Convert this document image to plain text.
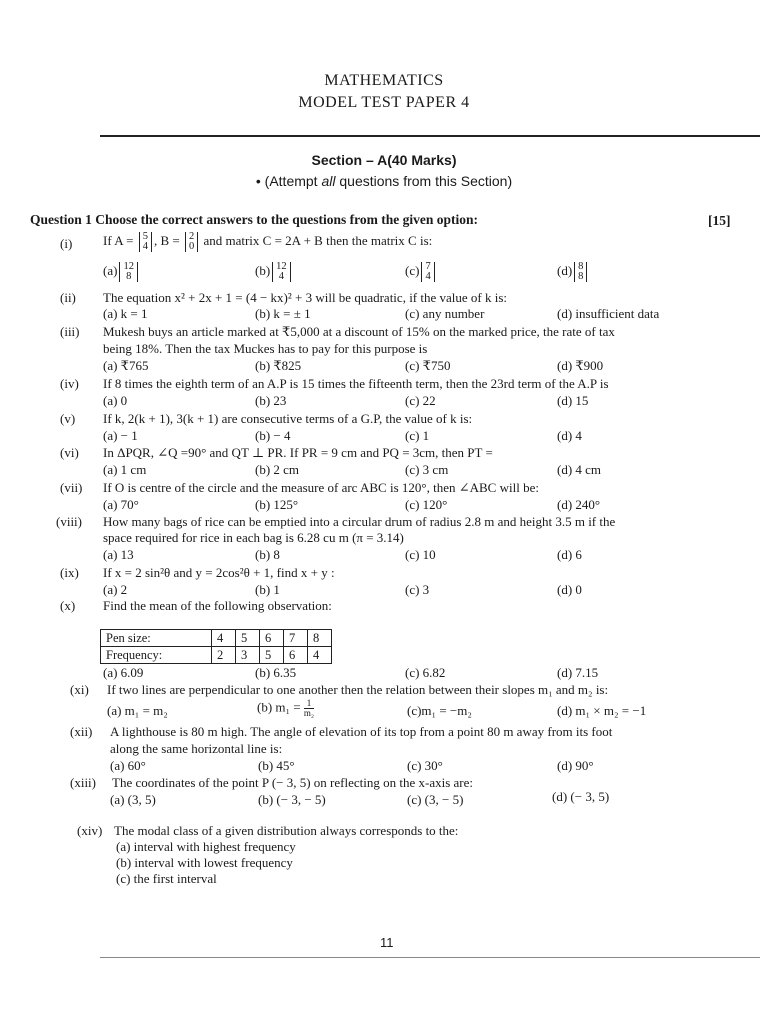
MATHEMATICS
MODEL TEST PAPER 4
Section – A(40 Marks)
• (Attempt all questions from this Section)
Question 1 Choose the correct answers to the questions from the given option:	[15]
(i)	If A = 5
4 , B = 2
0 and matrix C = 2A + B then the matrix C is:
(a) 12
8	(b) 12
4	(c) 7
4	(d) 8
8
(ii)	The equation x² + 2x + 1 = (4 − kx)² + 3 will be quadratic, if the value of k is:
(a) k = 1	(b) k = ± 1	(c) any number	(d) insufficient data
(iii)	Mukesh buys an article marked at ₹5,000 at a discount of 15% on the marked price, the rate of tax
being 18%. Then the tax Muckes has to pay for this purpose is
(a) ₹765	(b) ₹825	(c) ₹750	(d) ₹900
(iv)	If 8 times the eighth term of an A.P is 15 times the fifteenth term, then the 23rd term of the A.P is
(a) 0	(b) 23	(c) 22	(d) 15
(v)	If k, 2(k + 1), 3(k + 1) are consecutive terms of a G.P, the value of k is:
(a) − 1	(b) − 4	(c) 1	(d) 4
(vi)	In ΔPQR, ∠Q =90° and QT ⊥ PR. If PR = 9 cm and PQ = 3cm, then PT =
(a) 1 cm	(b) 2 cm	(c) 3 cm	(d) 4 cm
(vii)	If O is centre of the circle and the measure of arc ABC is 120°, then ∠ABC will be:
(a) 70°	(b) 125°	(c) 120°	(d) 240°
(viii)	How many bags of rice can be emptied into a circular drum of radius 2.8 m and height 3.5 m if the
space required for rice in each bag is 6.28 cu m (π = 3.14)
(a) 13	(b) 8	(c) 10	(d) 6
(ix)	If x = 2 sin²θ and y = 2cos²θ + 1, find x + y :
(a) 2	(b) 1	(c) 3	(d) 0
(x)	Find the mean of the following observation:
Pen size:	4	5	6	7	8
Frequency:	2	3	5	6	4
(a) 6.09	(b) 6.35	(c) 6.82	(d) 7.15
(xi)	If two lines are perpendicular to one another then the relation between their slopes m₁ and m₂ is:
(a) m₁ = m₂	(b) $m_1 = \frac{1}{\text{m₂}}$	(c)m₁ = −m₂	(d) m₁ × m₂ = −1
(xii)	A lighthouse is 80 m high. The angle of elevation of its top from a point 80 m away from its foot
along the same horizontal line is:
(a) 60°	(b) 45°	(c) 30°	(d) 90°
(xiii)	The coordinates of the point P (− 3, 5) on reflecting on the x-axis are:
(a) (3, 5)	(b) (− 3, − 5)	(c) (3, − 5)	(d) (− 3, 5)
(xiv) The modal class of a given distribution always corresponds to the:
(a) interval with highest frequency
(b) interval with lowest frequency
(c) the first interval
11
